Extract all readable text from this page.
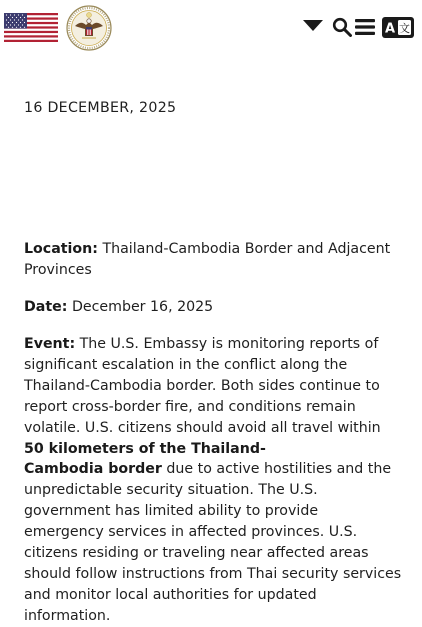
A 文
16 DECEMBER, 2025

Location: Thailand-Cambodia Border and Adjacent Provinces

Date: December 16, 2025

Event: The U.S. Embassy is monitoring reports of significant escalation in the conflict along the Thailand-Cambodia border. Both sides continue to report cross-border fire, and conditions remain volatile. U.S. citizens should avoid all travel within 50 kilometers of the Thailand-
Cambodia border due to active hostilities and the unpredictable security situation. The U.S. government has limited ability to provide emergency services in affected provinces. U.S. citizens residing or traveling near affected areas should follow instructions from Thai security services and monitor local authorities for updated information.
